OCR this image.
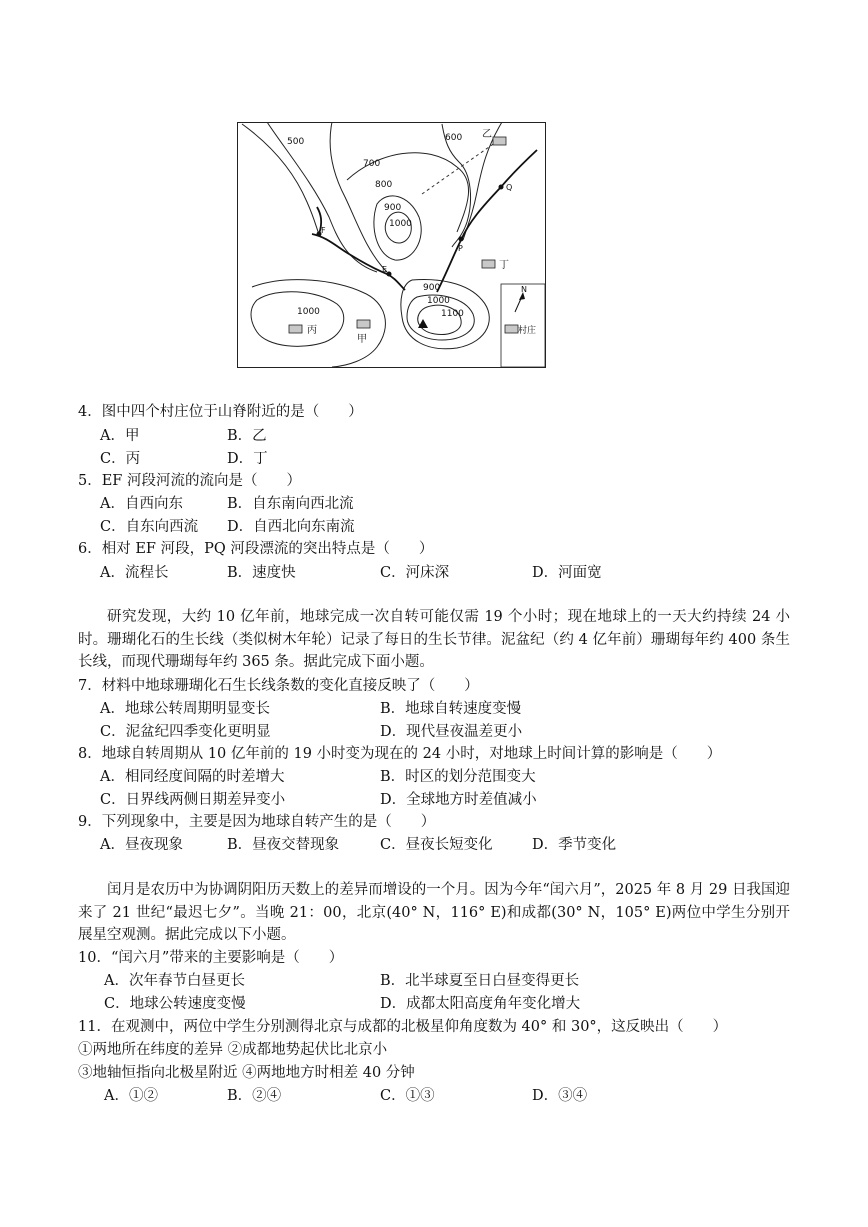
500	600
700
800
900
1000
900
1000
1100
1000
E
F
P
Q
乙
丁
丙
甲
N
村庄
4．图中四个村庄位于山脊附近的是（　　）
A．甲	B．乙
C．丙	D．丁
5．EF 河段河流的流向是（　　）
A．自西向东	B．自东南向西北流
C．自东向西流 D．自西北向东南流
6．相对 EF 河段，PQ 河段漂流的突出特点是（　　）
A．流程长	B．速度快	C．河床深	D．河面宽
研究发现，大约 10 亿年前，地球完成一次自转可能仅需 19 个小时；现在地球上的一天大约持续 24 小时。珊瑚化石的生长线（类似树木年轮）记录了每日的生长节律。泥盆纪（约 4 亿年前）珊瑚每年约 400 条生长线，而现代珊瑚每年约 365 条。据此完成下面小题。
7．材料中地球珊瑚化石生长线条数的变化直接反映了（　　）
A．地球公转周期明显变长	B．地球自转速度变慢
C．泥盆纪四季变化更明显	D．现代昼夜温差更小
8．地球自转周期从 10 亿年前的 19 小时变为现在的 24 小时，对地球上时间计算的影响是（　　）
A．相同经度间隔的时差增大	B．时区的划分范围变大
C．日界线两侧日期差异变小	D．全球地方时差值减小
9．下列现象中，主要是因为地球自转产生的是（　　）
A．昼夜现象	B．昼夜交替现象	C．昼夜长短变化	D．季节变化
闰月是农历中为协调阴阳历天数上的差异而增设的一个月。因为今年“闰六月”，2025 年 8 月 29 日我国迎来了 21 世纪“最迟七夕”。当晚 21：00，北京(40° N，116° E)和成都(30° N，105° E)两位中学生分别开展星空观测。据此完成以下小题。
10．“闰六月”带来的主要影响是（　　）
A．次年春节白昼更长	B．北半球夏至日白昼变得更长
C．地球公转速度变慢	D．成都太阳高度角年变化增大
11．在观测中，两位中学生分别测得北京与成都的北极星仰角度数为 40° 和 30°，这反映出（　　）
①两地所在纬度的差异 ②成都地势起伏比北京小
③地轴恒指向北极星附近 ④两地地方时相差 40 分钟
A．①②	B．②④	C．①③	D．③④
